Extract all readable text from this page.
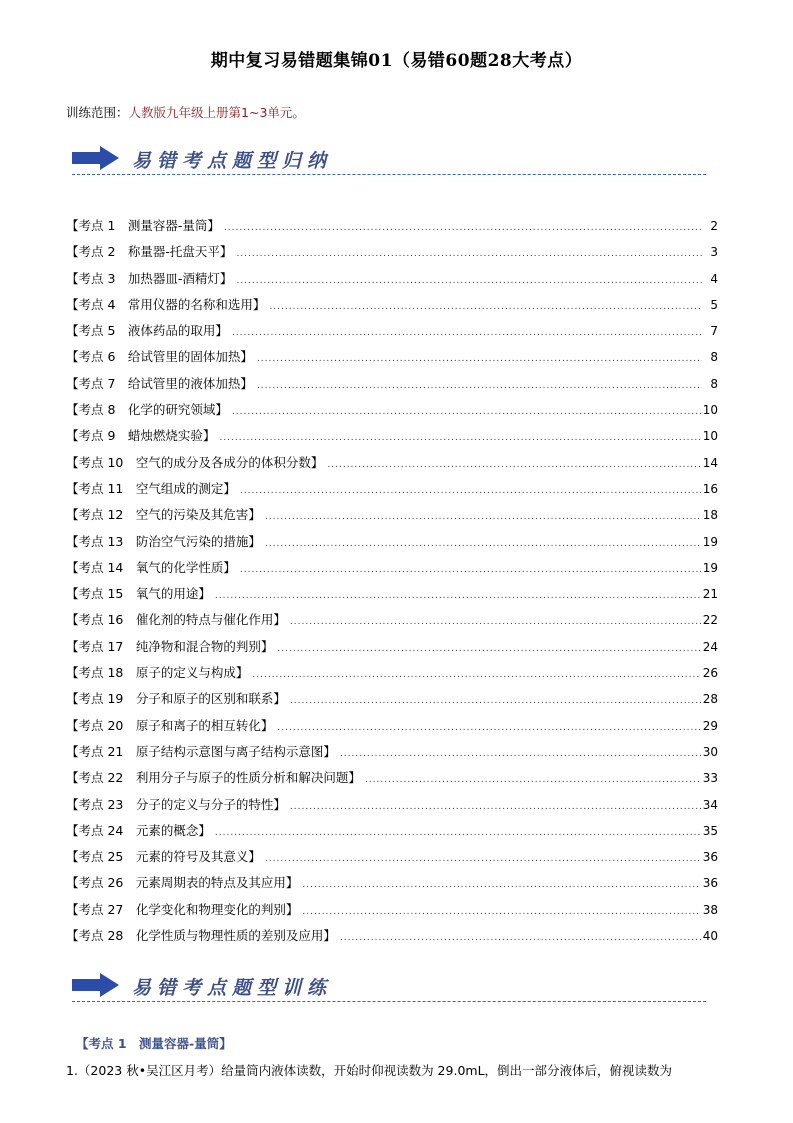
期中复习易错题集锦01（易错60题28大考点）
训练范围：人教版九年级上册第1~3单元。
易错考点题型归纳
【考点 1　测量容器-量筒】 .....	2
【考点 2　称量器-托盘天平】 .....	3
【考点 3　加热器皿-酒精灯】 .....	4
【考点 4　常用仪器的名称和选用】 .....	5
【考点 5　液体药品的取用】 .....	7
【考点 6　给试管里的固体加热】 .....	8
【考点 7　给试管里的液体加热】 .....	8
【考点 8　化学的研究领域】 .....	10
【考点 9　蜡烛燃烧实验】 .....	10
【考点 10　空气的成分及各成分的体积分数】 .....	14
【考点 11　空气组成的测定】 .....	16
【考点 12　空气的污染及其危害】 .....	18
【考点 13　防治空气污染的措施】 .....	19
【考点 14　氧气的化学性质】 .....	19
【考点 15　氧气的用途】 .....	21
【考点 16　催化剂的特点与催化作用】 .....	22
【考点 17　纯净物和混合物的判别】 .....	24
【考点 18　原子的定义与构成】 .....	26
【考点 19　分子和原子的区别和联系】 .....	28
【考点 20　原子和离子的相互转化】 .....	29
【考点 21　原子结构示意图与离子结构示意图】 .....	30
【考点 22　利用分子与原子的性质分析和解决问题】 .....	33
【考点 23　分子的定义与分子的特性】 .....	34
【考点 24　元素的概念】 .....	35
【考点 25　元素的符号及其意义】 .....	36
【考点 26　元素周期表的特点及其应用】 .....	36
【考点 27　化学变化和物理变化的判别】 .....	38
【考点 28　化学性质与物理性质的差别及应用】 .....	40
易错考点题型训练
【考点 1　测量容器-量筒】
1.（2023 秋•吴江区月考）给量筒内液体读数，开始时仰视读数为 29.0mL，倒出一部分液体后，俯视读数为
